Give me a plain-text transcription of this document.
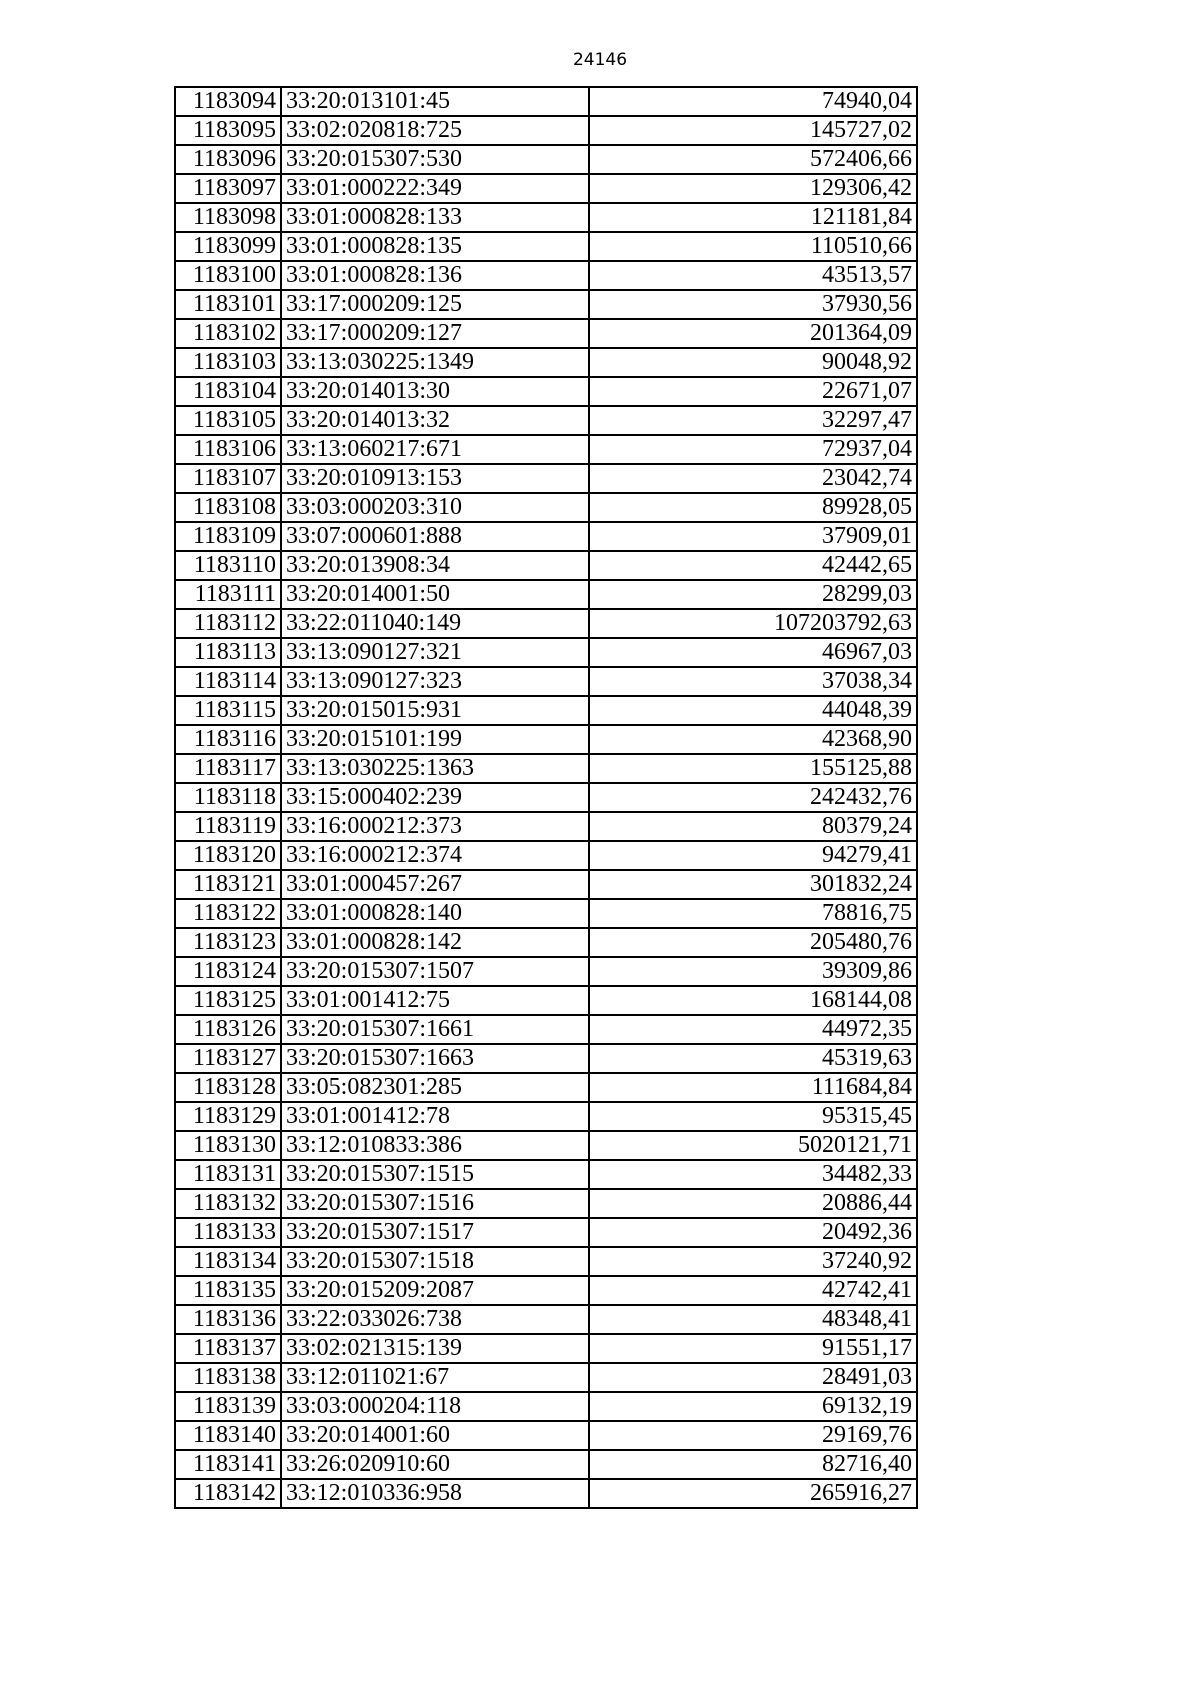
24146
1183094	33:20:013101:45	74940,04
1183095	33:02:020818:725	145727,02
1183096	33:20:015307:530	572406,66
1183097	33:01:000222:349	129306,42
1183098	33:01:000828:133	121181,84
1183099	33:01:000828:135	110510,66
1183100	33:01:000828:136	43513,57
1183101	33:17:000209:125	37930,56
1183102	33:17:000209:127	201364,09
1183103	33:13:030225:1349	90048,92
1183104	33:20:014013:30	22671,07
1183105	33:20:014013:32	32297,47
1183106	33:13:060217:671	72937,04
1183107	33:20:010913:153	23042,74
1183108	33:03:000203:310	89928,05
1183109	33:07:000601:888	37909,01
1183110	33:20:013908:34	42442,65
1183111	33:20:014001:50	28299,03
1183112	33:22:011040:149	107203792,63
1183113	33:13:090127:321	46967,03
1183114	33:13:090127:323	37038,34
1183115	33:20:015015:931	44048,39
1183116	33:20:015101:199	42368,90
1183117	33:13:030225:1363	155125,88
1183118	33:15:000402:239	242432,76
1183119	33:16:000212:373	80379,24
1183120	33:16:000212:374	94279,41
1183121	33:01:000457:267	301832,24
1183122	33:01:000828:140	78816,75
1183123	33:01:000828:142	205480,76
1183124	33:20:015307:1507	39309,86
1183125	33:01:001412:75	168144,08
1183126	33:20:015307:1661	44972,35
1183127	33:20:015307:1663	45319,63
1183128	33:05:082301:285	111684,84
1183129	33:01:001412:78	95315,45
1183130	33:12:010833:386	5020121,71
1183131	33:20:015307:1515	34482,33
1183132	33:20:015307:1516	20886,44
1183133	33:20:015307:1517	20492,36
1183134	33:20:015307:1518	37240,92
1183135	33:20:015209:2087	42742,41
1183136	33:22:033026:738	48348,41
1183137	33:02:021315:139	91551,17
1183138	33:12:011021:67	28491,03
1183139	33:03:000204:118	69132,19
1183140	33:20:014001:60	29169,76
1183141	33:26:020910:60	82716,40
1183142	33:12:010336:958	265916,27
